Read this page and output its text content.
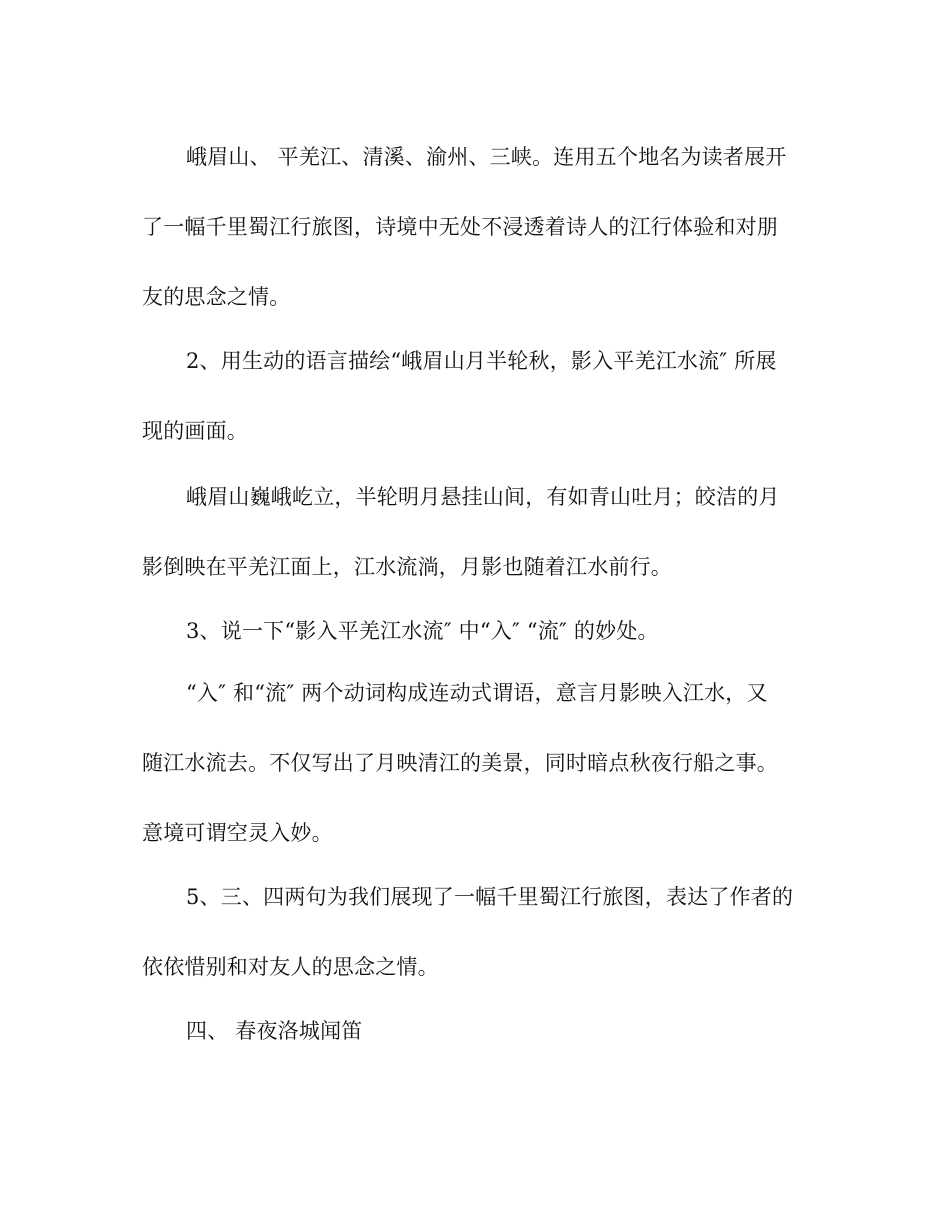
峨眉山、 平羌江、清溪、渝州、三峡。连用五个地名为读者展开
了一幅千里蜀江行旅图，诗境中无处不浸透着诗人的江行体验和对朋
友的思念之情。
2、用生动的语言描绘“峨眉山月半轮秋，影入平羌江水流″ 所展
现的画面。
峨眉山巍峨屹立，半轮明月悬挂山间，有如青山吐月；皎洁的月
影倒映在平羌江面上，江水流淌，月影也随着江水前行。
3、说一下“影入平羌江水流″ 中“入″ “流″ 的妙处。
“入″ 和“流″ 两个动词构成连动式谓语，意言月影映入江水，又
随江水流去。不仅写出了月映清江的美景，同时暗点秋夜行船之事。
意境可谓空灵入妙。
5、三、四两句为我们展现了一幅千里蜀江行旅图，表达了作者的
依依惜别和对友人的思念之情。
四、 春夜洛城闻笛
